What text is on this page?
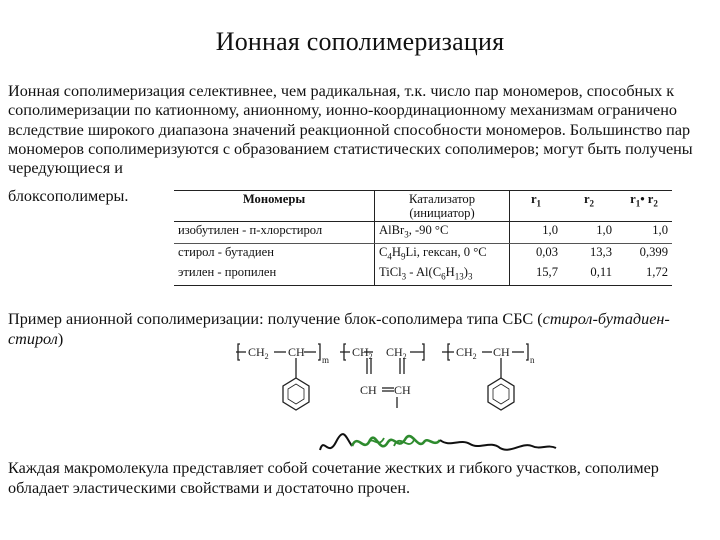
Ионная сополимеризация
Ионная сополимеризация селективнее, чем радикальная, т.к. число пар мономеров, способных к сополимеризации по катионному, анионному, ионно-координационному механизмам ограничено вследствие широкого диапазона значений реакционной способности мономеров. Большинство пар мономеров сополимеризуются с образованием статистических сополимеров; могут быть получены чередующиеся и
блоксополимеры.	Мономеры	Катализатор
(инициатор)	$r_1$	$r_2$	$r_1•$ $r_2$
изобутилен - п-хлорстирол	AlBr$_3$, -90 °C	1,0	1,0	1,0
стирол - бутадиен	$C_4H_9Li$, гексан, 0 °C	0,03	13,3	0,399
этилен - пропилен	TiCl$_3$ - $Al(C_6H_{13})_3$	15,7	0,11	1,72
Пример анионной сополимеризации: получение блок-сополимера типа СБС (стирол-бутадиен-стирол)
$CH_2$ CH
m
$CH_2$ $CH_2$
CH CH
$CH_2$ CH
n
Каждая макромолекула представляет собой сочетание жестких и гибкого участков, сополимер обладает эластическими свойствами и достаточно прочен.
